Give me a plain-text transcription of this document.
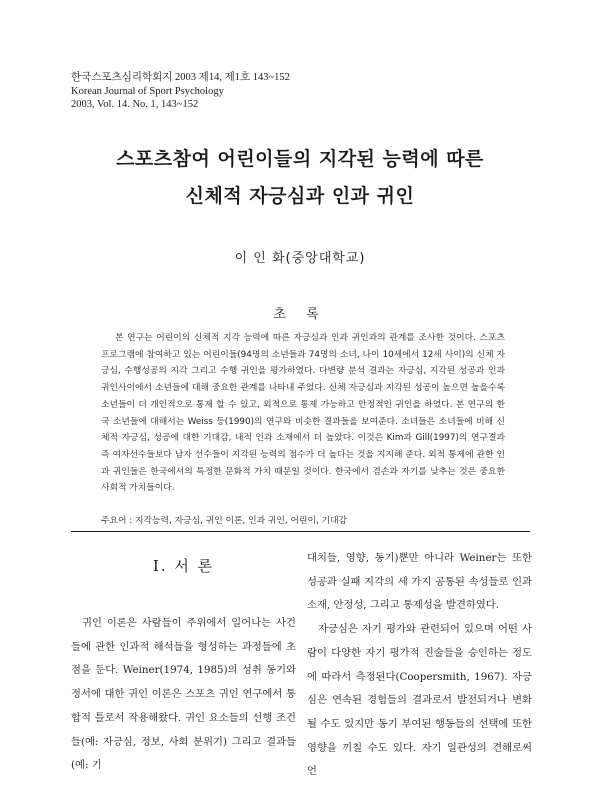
한국스포츠심리학회지 2003 제14, 제1호 143~152
Korean Journal of Sport Psychology
2003, Vol. 14. No. 1, 143~152
스포츠참여 어린이들의 지각된 능력에 따른
신체적 자긍심과 인과 귀인
이 인 화(중앙대학교)
초 록
본 연구는 어린이의 신체적 지각 능력에 따른 자긍심과 인과 귀인과의 관계를 조사한 것이다. 스포츠 프로그램에 참여하고 있는 어린이들(94명의 소년들과 74명의 소녀, 나이 10세에서 12세 사이)의 신체 자긍심, 수행성공의 지각 그리고 수행 귀인을 평가하였다. 다변량 분석 결과는 자긍심, 지각된 성공과 인과 귀인사이에서 소년들에 대해 중요한 관계를 나타내 주었다. 신체 자긍심과 지각된 성공이 높으면 높을수록 소년들이 더 개인적으로 통제 할 수 있고, 외적으로 통제 가능하고 안정적인 귀인을 하였다. 본 연구의 한국 소년들에 대해서는 Weiss 등(1990)의 연구와 비슷한 결과들을 보여준다. 소녀들은 소녀들에 비해 신체적 자긍심, 성공에 대한 기대감, 내적 인과 소재에서 더 높았다. 이것은 Kim과 Gill(1997)의 연구결과 즉 여자선수들보다 남자 선수들이 지각된 능력의 점수가 더 높다는 것을 지지해 준다. 외적 통제에 관한 인과 귀인들은 한국에서의 특정한 문화적 가치 때문일 것이다. 한국에서 겸손과 자기를 낮추는 것은 중요한 사회적 가치들이다.
주요어 : 지각능력, 자긍심, 귀인 이론, 인과 귀인, 어린이, 기대감
Ⅰ. 서 론
귀인 이론은 사람들이 주위에서 일어나는 사건들에 관한 인과적 해석들을 형성하는 과정들에 초점을 둔다. Weiner(1974, 1985)의 성취 동기와 정서에 대한 귀인 이론은 스포츠 귀인 연구에서 통합적 틀로서 작용해왔다. 귀인 요소들의 선행 조건들(예: 자긍심, 정보, 사회 분위기) 그리고 결과들(예: 기

대치들, 영향, 동기)뿐만 아니라 Weiner는 또한 성공과 실패 지각의 세 가지 공통된 속성들로 인과 소재, 안정성, 그리고 통제성을 발견하였다.

자긍심은 자기 평가와 관련되어 있으며 어떤 사람이 다양한 자기 평가적 진술들을 승인하는 정도에 따라서 측정된다(Coopersmith, 1967). 자긍심은 연속된 경험들의 결과로서 발전되거나 변화될 수도 있지만 동기 부여된 행동들의 선택에 또한 영향을 끼칠 수도 있다. 자기 일관성의 견해로써 언
